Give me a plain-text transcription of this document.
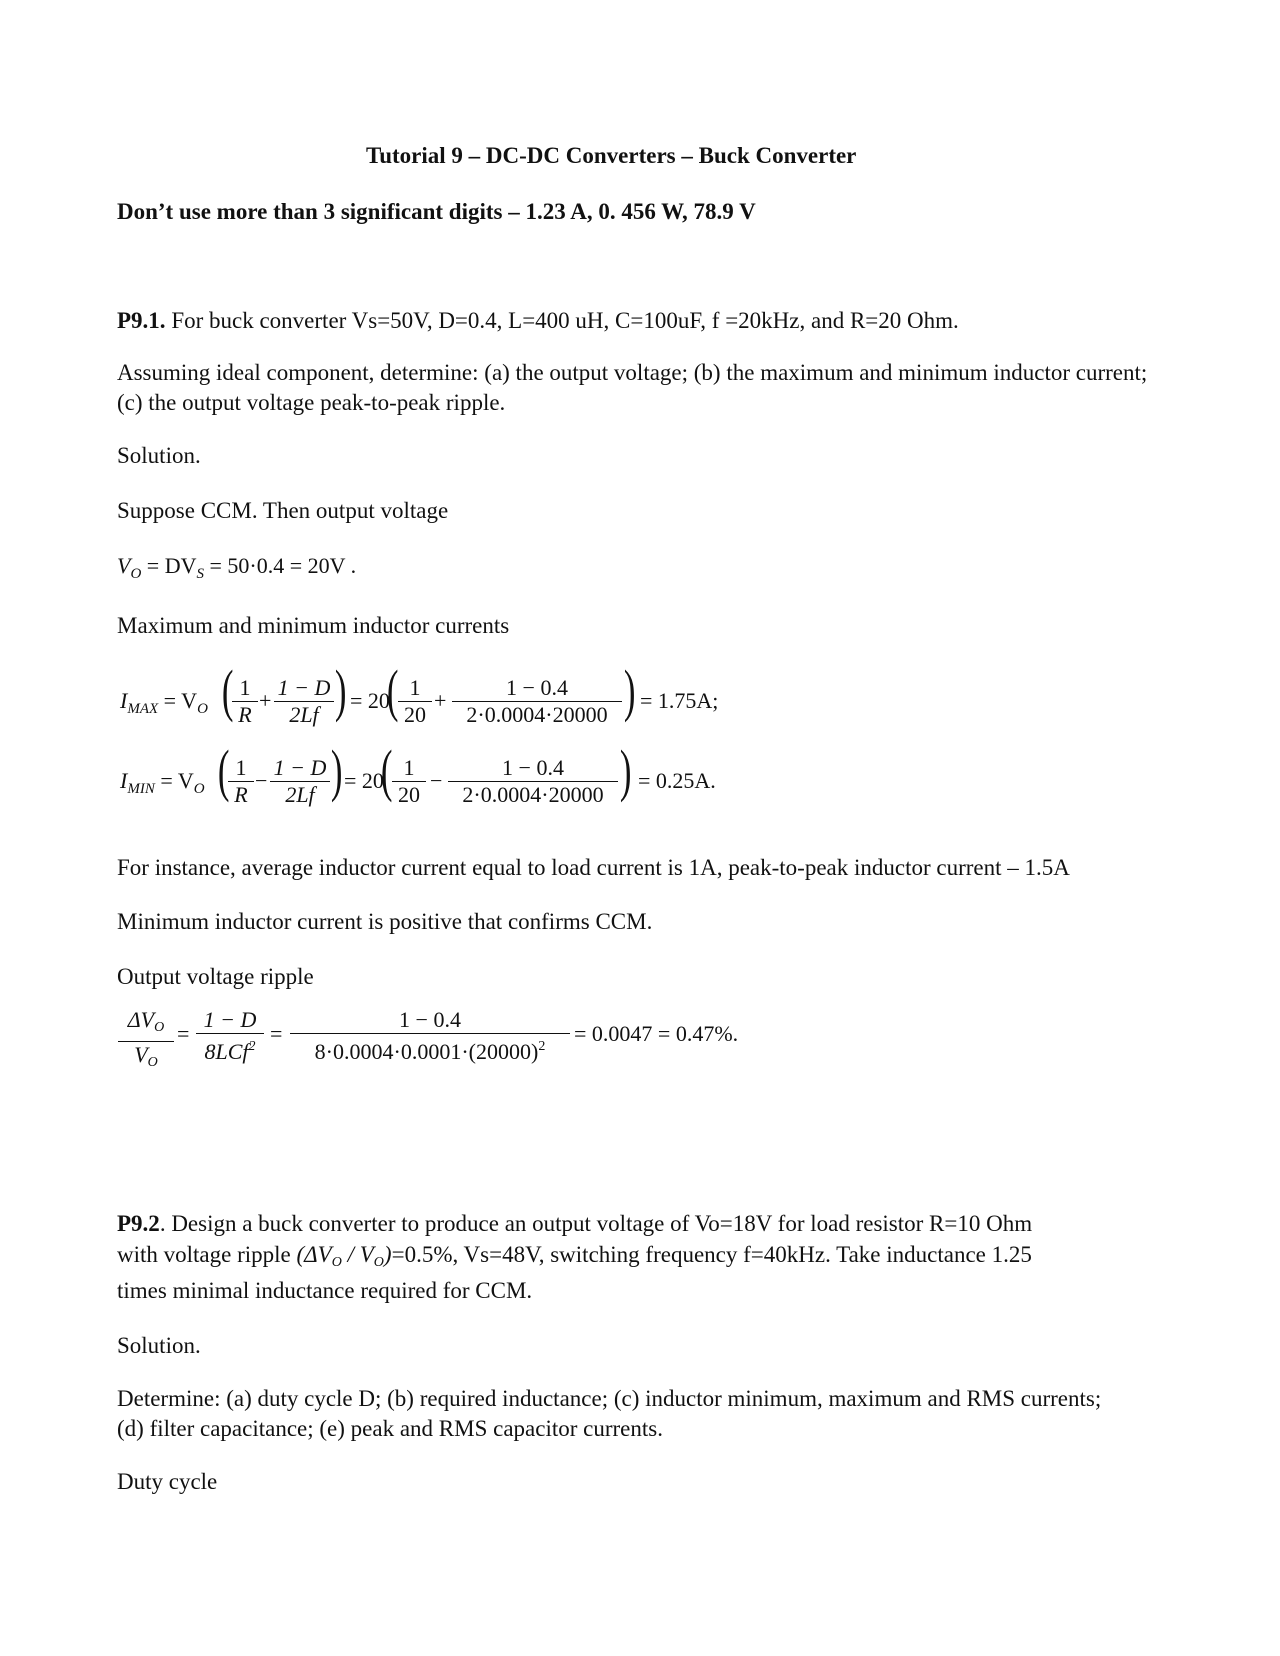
Tutorial 9 – DC-DC Converters – Buck Converter
Don’t use more than 3 significant digits – 1.23 A, 0. 456 W, 78.9 V
P9.1. For buck converter Vs=50V, D=0.4, L=400 uH, C=100uF, f =20kHz, and R=20 Ohm.
Assuming ideal component, determine: (a) the output voltage; (b) the maximum and minimum inductor current; (c) the output voltage peak-to-peak ripple.
Solution.
Suppose CCM. Then output voltage
$V_O = DV_S = 50\cdot 0.4 = 20V$ .
Maximum and minimum inductor currents
$I_{MAX} = V_O$ ( 1
R
+
1 − D
2Lf ) = 20
( 1
20
+
1 − 0.4
2·0.0004·20000 ) = 1.75A;
$I_{MIN} = V_O$ ( 1
R
−
1 − D
2Lf ) = 20
( 1
20
−
1 − 0.4
2·0.0004·20000 ) = 0.25A.
For instance, average inductor current equal to load current is 1A, peak-to-peak inductor current – 1.5A
Minimum inductor current is positive that confirms CCM.
Output voltage ripple
ΔVO
VO
=
1 − D
8LCf$^2$
=
1 − 0.4
$8\cdot 0.0004\cdot 0.0001\cdot(20000)^2$
= 0.0047 = 0.47%.
P9.2. Design a buck converter to produce an output voltage of Vo=18V for load resistor R=10 Ohm
with voltage ripple (ΔVO / VO)=0.5%, Vs=48V, switching frequency f=40kHz. Take inductance 1.25
times minimal inductance required for CCM.
Solution.
Determine: (a) duty cycle D; (b) required inductance; (c) inductor minimum, maximum and RMS currents; (d) filter capacitance; (e) peak and RMS capacitor currents.
Duty cycle
